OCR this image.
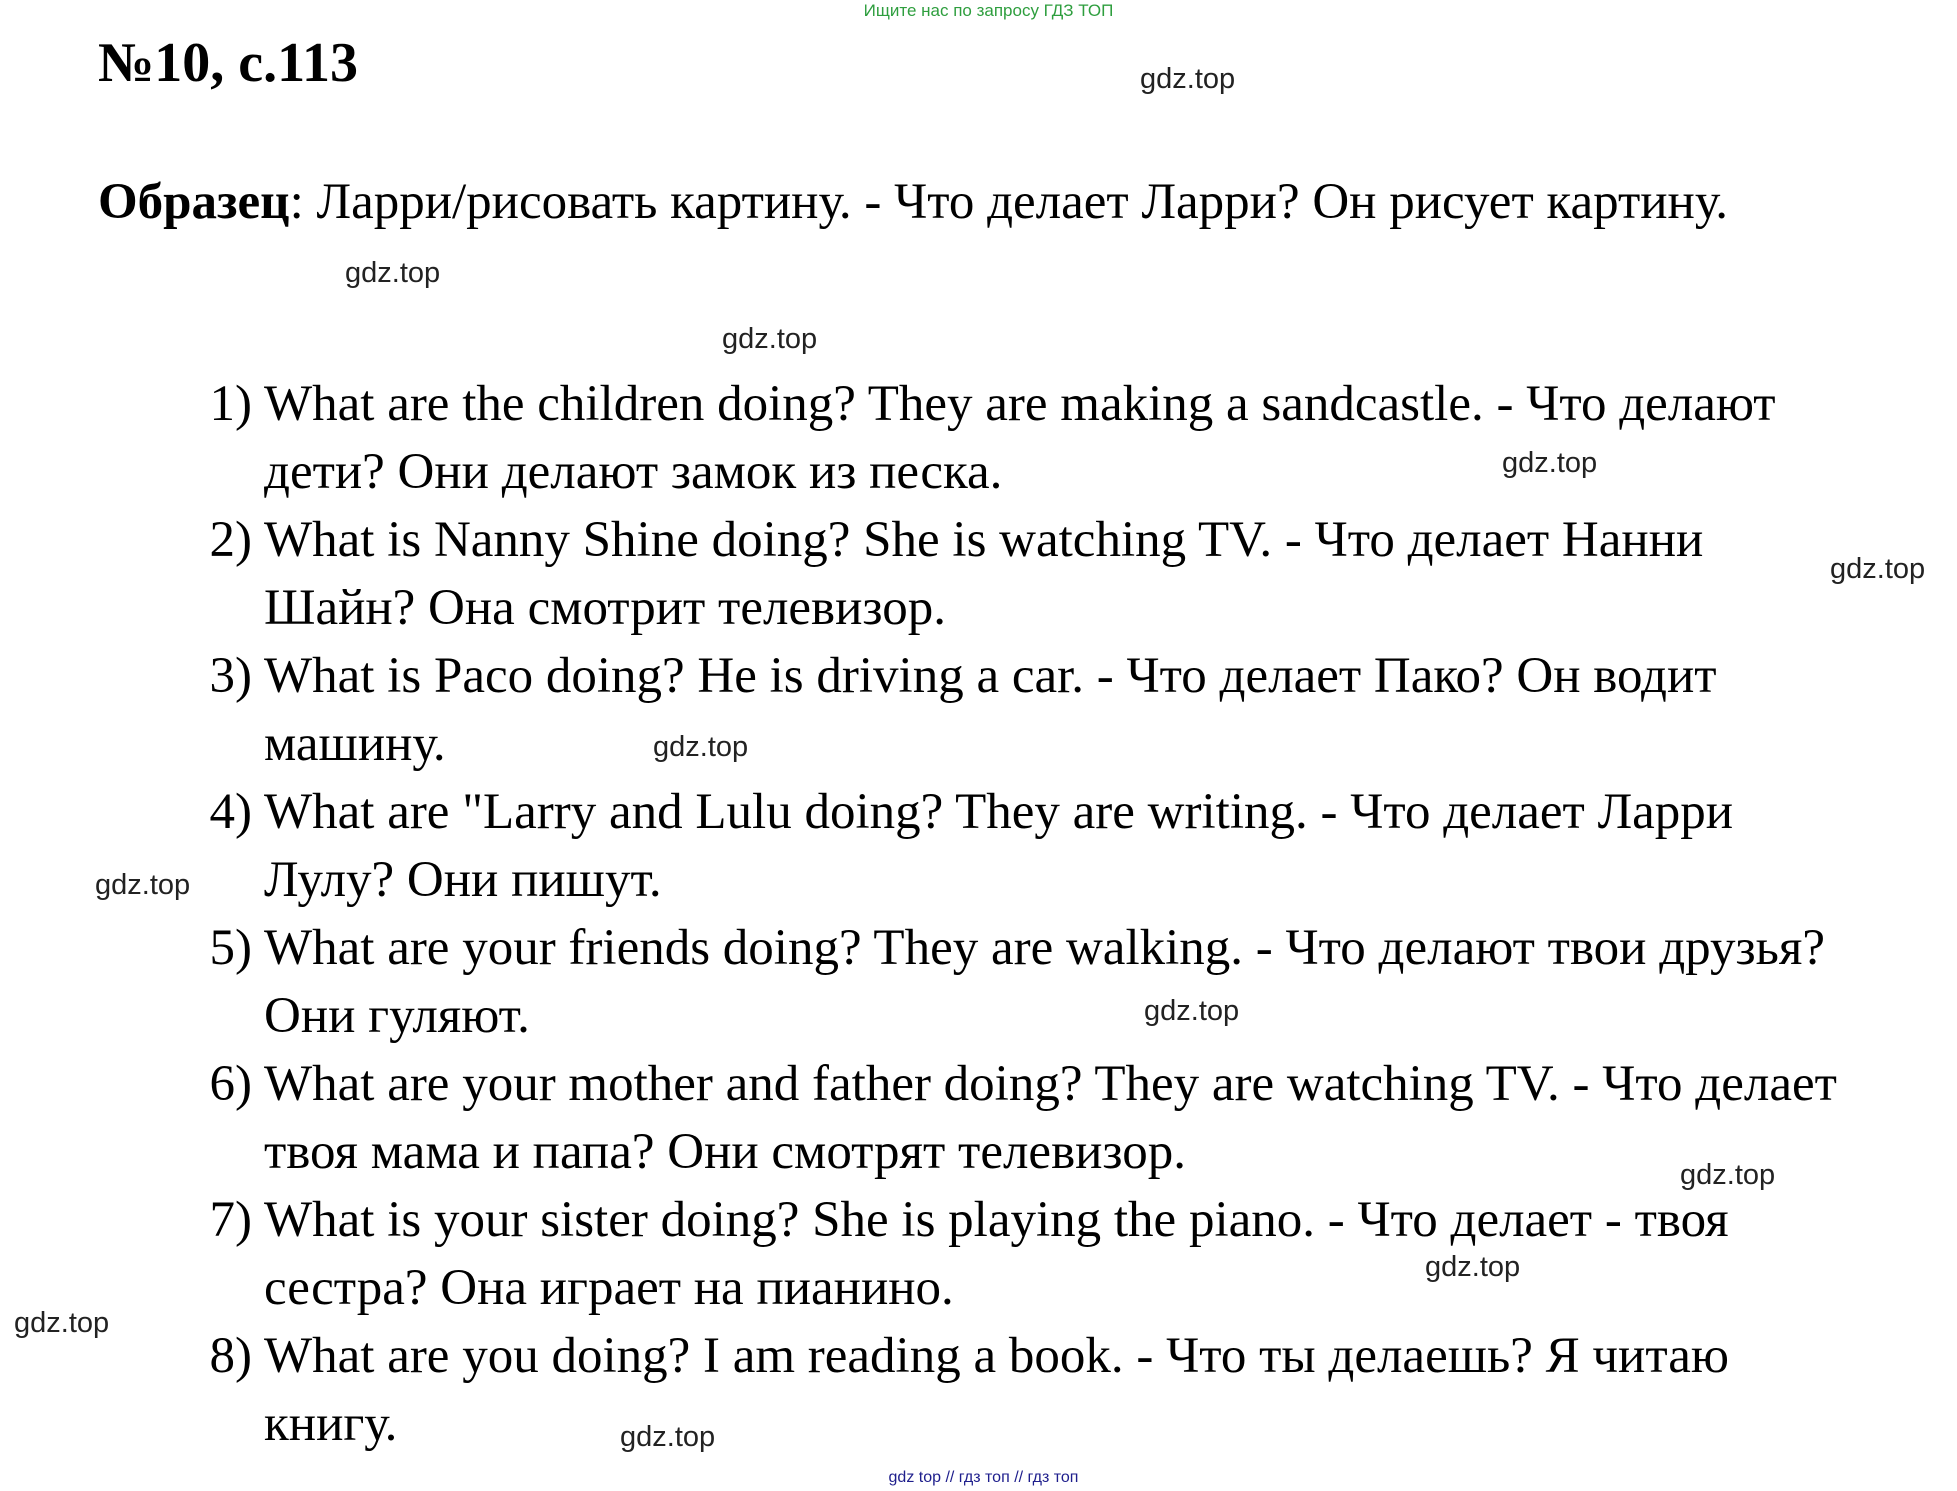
Ищите нас по запросу ГДЗ ТОП
№10, с.113
Образец: Ларри/рисовать картину. - Что делает Ларри? Он рисует картину.
1) What are the children doing? They are making a sandcastle. - Что делают дети? Они делают замок из песка.
2) What is Nanny Shine doing? She is watching TV. - Что делает Нанни Шайн? Она смотрит телевизор.
3) What is Paco doing? He is driving a car. - Что делает Пако? Он водит машину.
4) What are "Larry and Lulu doing? They are writing. - Что делает Ларри Лулу? Они пишут.
5) What are your friends doing? They are walking. - Что делают твои друзья? Они гуляют.
6) What are your mother and father doing? They are watching TV. - Что делает твоя мама и папа? Они смотрят телевизор.
7) What is your sister doing? She is playing the piano. - Что делает - твоя сестра? Она играет на пианино.
8) What are you doing? I am reading a book. - Что ты делаешь? Я читаю книгу.
gdz.top
gdz.top
gdz.top
gdz.top
gdz.top
gdz.top
gdz.top
gdz.top
gdz.top
gdz.top
gdz.top
gdz.top
gdz top // гдз топ // гдз топ
